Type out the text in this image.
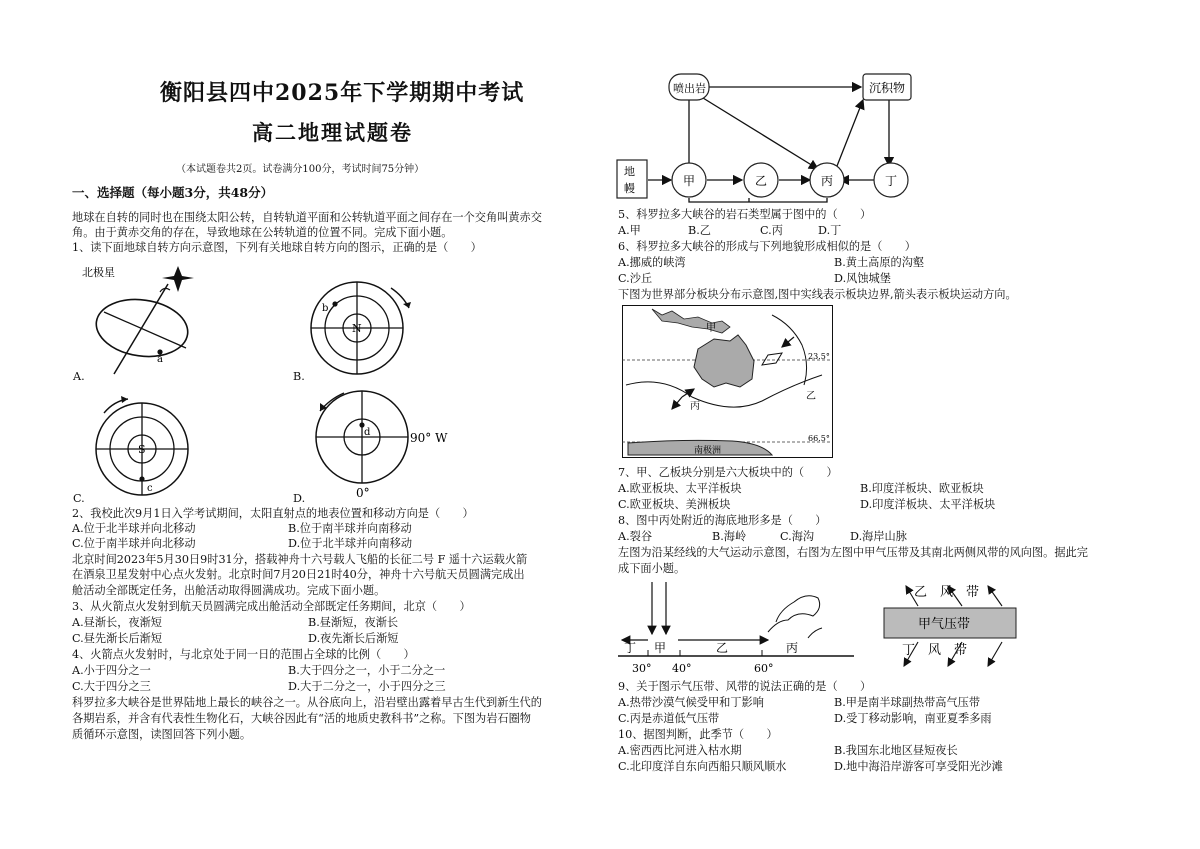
衡阳县四中2025年下学期期中考试
高二地理试题卷
（本试题卷共2页。试卷满分100分，考试时间75分钟）
一、选择题（每小题3分，共48分）
地球在自转的同时也在围绕太阳公转，自转轨道平面和公转轨道平面之间存在一个交角叫黄赤交
角。由于黄赤交角的存在，导致地球在公转轨道的位置不同。完成下面小题。
1、读下面地球自转方向示意图，下列有关地球自转方向的图示，正确的是（　　）
北极星
a
A.
N
b
B.
S
c
C.
d	90° W
0°
D.
2、我校此次9月1日入学考试期间，太阳直射点的地表位置和移动方向是（　　）
A.位于北半球并向北移动	B.位于南半球并向南移动
C.位于南半球并向北移动	D.位于北半球并向南移动
北京时间2023年5月30日9时31分，搭载神舟十六号载人飞船的长征二号 F 遥十六运载火箭
在酒泉卫星发射中心点火发射。北京时间7月20日21时40分，神舟十六号航天员圆满完成出
舱活动全部既定任务，出舱活动取得圆满成功。完成下面小题。
3、从火箭点火发射到航天员圆满完成出舱活动全部既定任务期间，北京（　　）
A.昼渐长，夜渐短	B.昼渐短，夜渐长
C.昼先渐长后渐短	D.夜先渐长后渐短
4、火箭点火发射时，与北京处于同一日的范围占全球的比例（　　）
A.小于四分之一	B.大于四分之一，小于二分之一
C.大于四分之三	D.大于二分之一，小于四分之三
科罗拉多大峡谷是世界陆地上最长的峡谷之一。从谷底向上，沿岩壁出露着早古生代到新生代的
各期岩系，并含有代表性生物化石，大峡谷因此有“活的地质史教科书”之称。下图为岩石圈物
质循环示意图，读图回答下列小题。
喷出岩	沉积物
地
幔
甲	乙	丙	丁
5、科罗拉多大峡谷的岩石类型属于图中的（　　）
A.甲	B.乙	C.丙	D.丁
6、科罗拉多大峡谷的形成与下列地貌形成相似的是（　　）
A.挪威的峡湾	B.黄土高原的沟壑
C.沙丘	D.风蚀城堡
下图为世界部分板块分布示意图,图中实线表示板块边界,箭头表示板块运动方向。
23.5°
66.5°
南极洲
甲
乙
丙
7、甲、乙板块分别是六大板块中的（　　）
A.欧亚板块、太平洋板块	B.印度洋板块、欧亚板块
C.欧亚板块、美洲板块	D.印度洋板块、太平洋板块
8、图中丙处附近的海底地形多是（　　）
A.裂谷	B.海岭	C.海沟	D.海岸山脉
左图为沿某经线的大气运动示意图，右图为左图中甲气压带及其南北两侧风带的风向图。据此完
成下面小题。
丁 甲	乙	丙
30° 40°	60°
甲气压带
乙　风　带
丁　风　带
9、关于图示气压带、风带的说法正确的是（　　）
A.热带沙漠气候受甲和丁影响	B.甲是南半球副热带高气压带
C.丙是赤道低气压带	D.受丁移动影响，南亚夏季多雨
10、据图判断，此季节（　　）
A.密西西比河进入枯水期	B.我国东北地区昼短夜长
C.北印度洋自东向西船只顺风顺水	D.地中海沿岸游客可享受阳光沙滩
